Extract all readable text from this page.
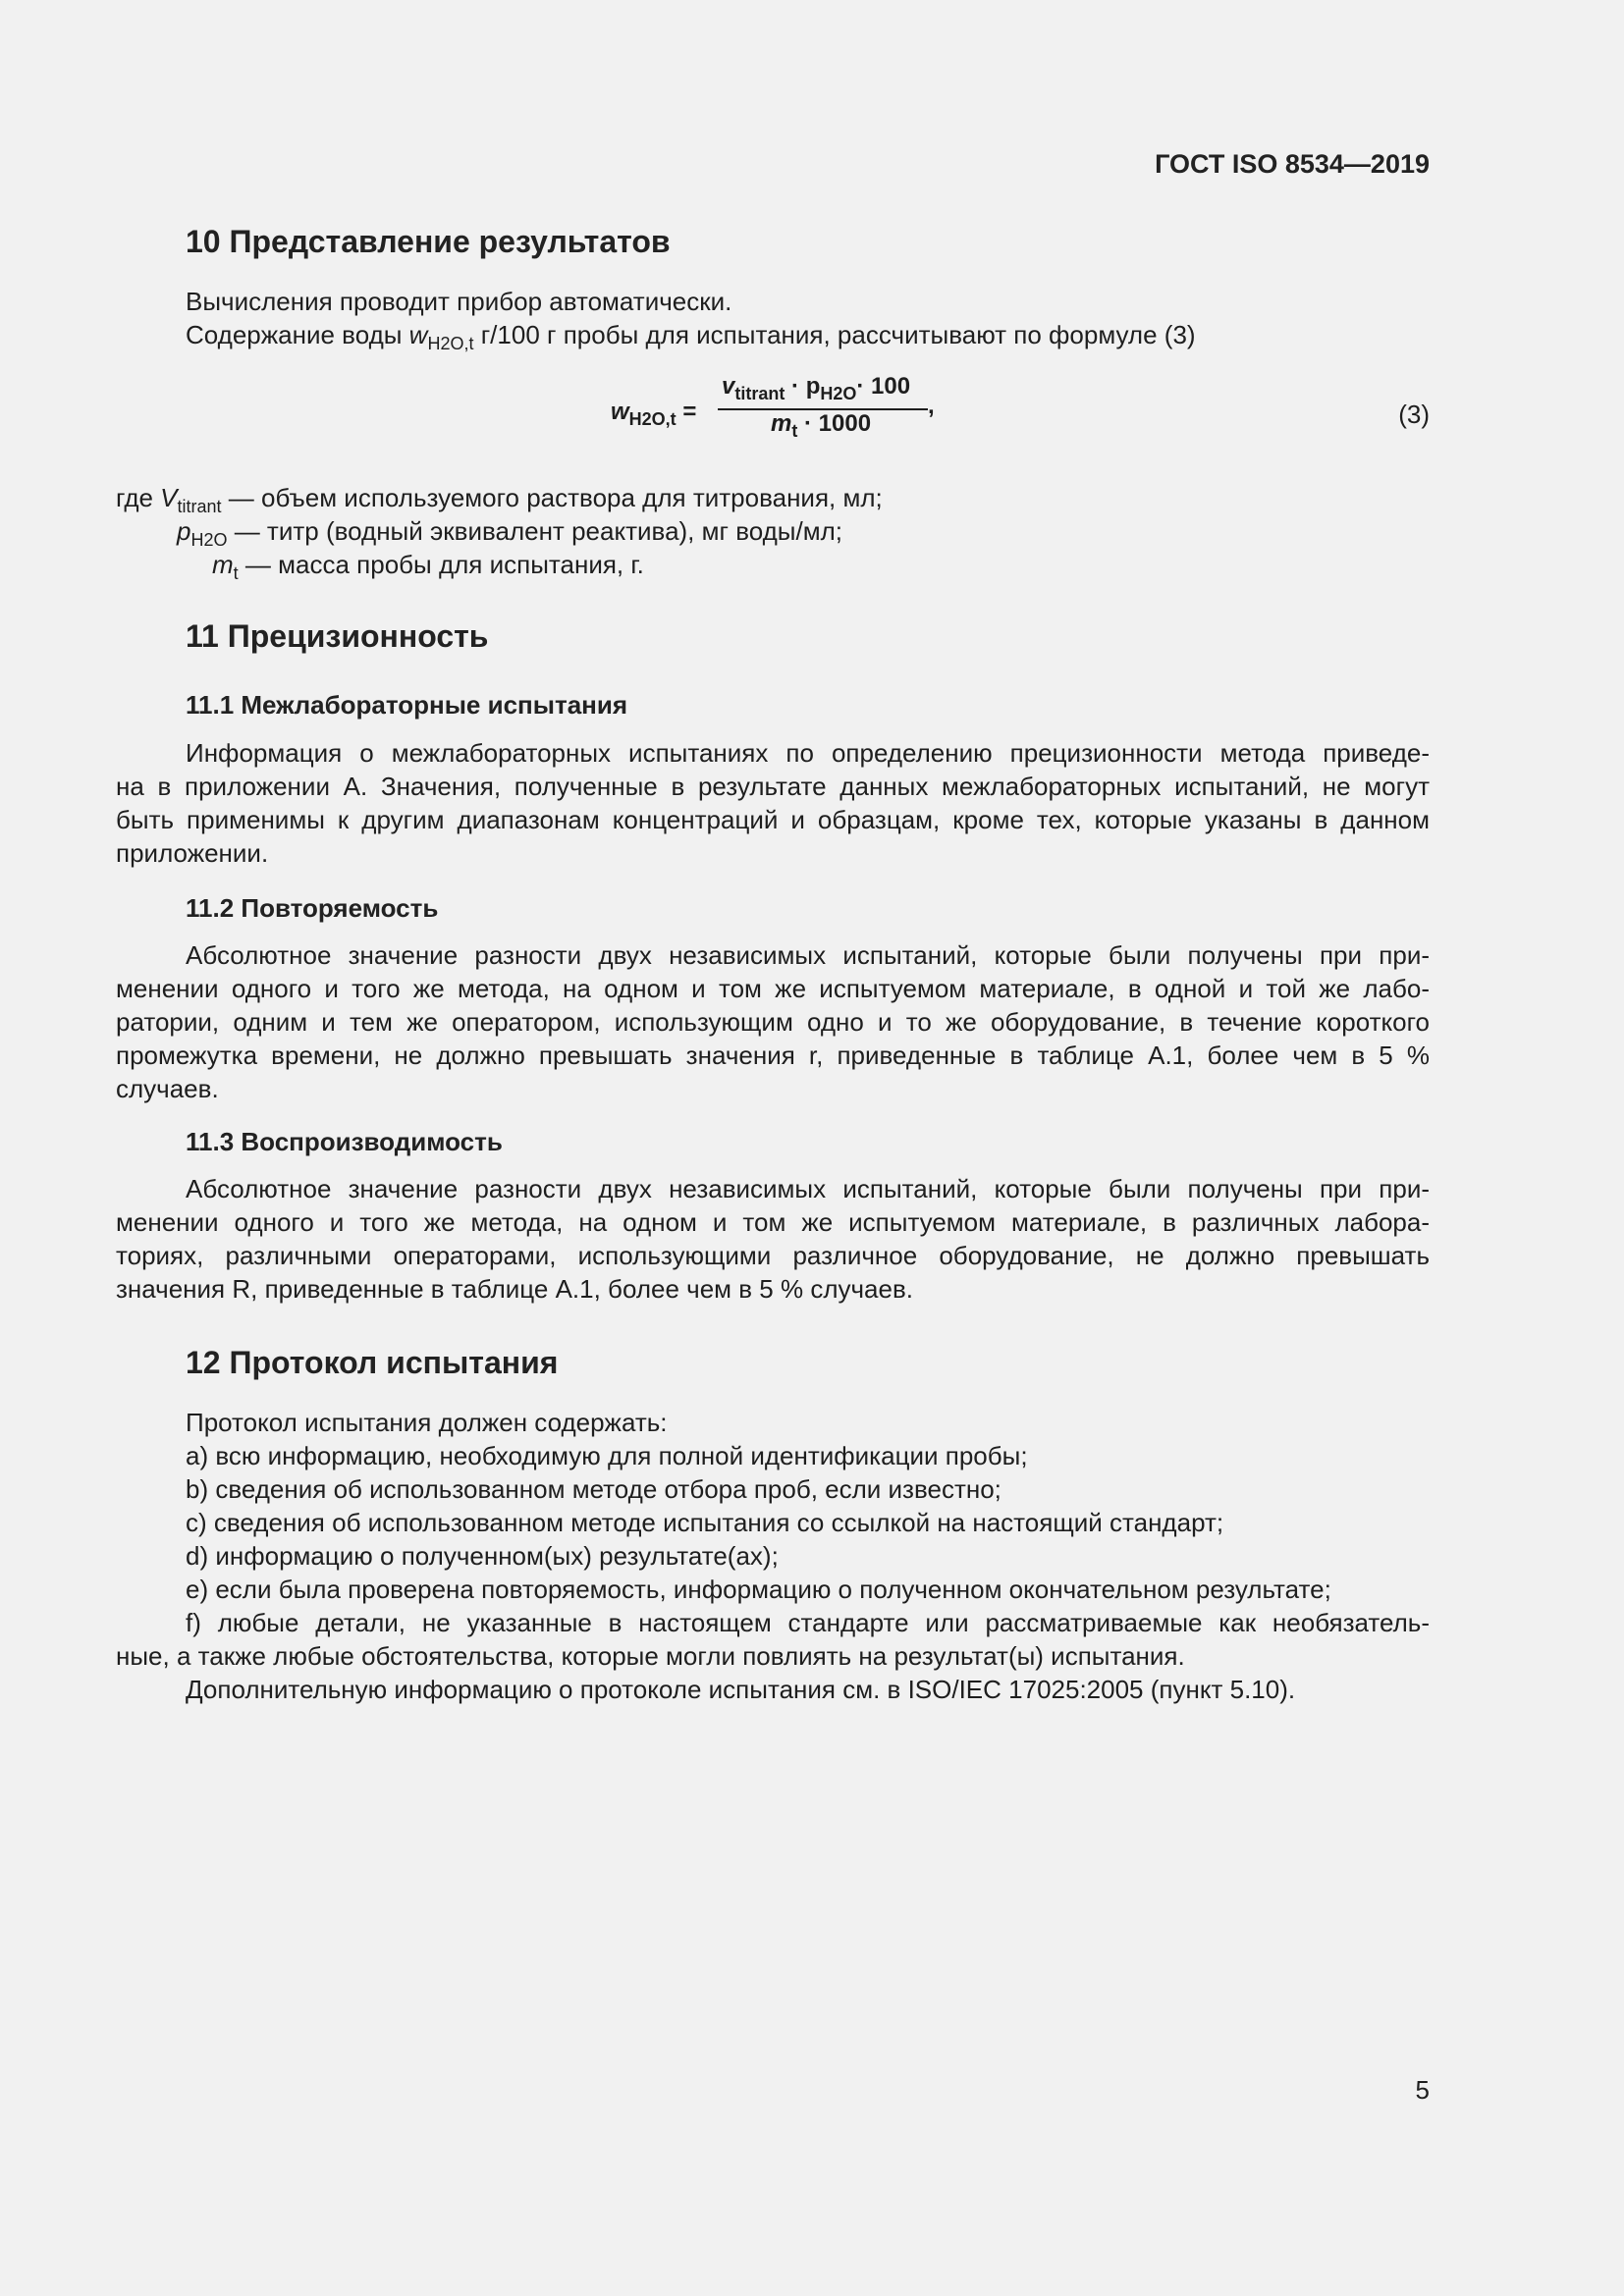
ГОСТ ISO 8534—2019
10 Представление результатов
Вычисления проводит прибор автоматически.
Содержание воды $w_{H2O,t}$ г/100 г пробы для испытания, рассчитывают по формуле (3)
$w_{H2O,t}$ =
$v_{titrant} \cdot p_{H2O}\cdot 100$
$m_t \cdot 1000$
,	(3)
где $V_{titrant}$ — объем используемого раствора для титрования, мл;
$p_{H2O}$ — титр (водный эквивалент реактива), мг воды/мл;
$m_t$ — масса пробы для испытания, г.
11 Прецизионность
11.1 Межлабораторные испытания
Информация о межлабораторных испытаниях по определению прецизионности метода приведе-
на в приложении А. Значения, полученные в результате данных межлабораторных испытаний, не могут
быть применимы к другим диапазонам концентраций и образцам, кроме тех, которые указаны в данном
приложении.
11.2 Повторяемость
Абсолютное значение разности двух независимых испытаний, которые были получены при при-
менении одного и того же метода, на одном и том же испытуемом материале, в одной и той же лабо-
ратории, одним и тем же оператором, использующим одно и то же оборудование, в течение короткого
промежутка времени, не должно превышать значения r, приведенные в таблице А.1, более чем в 5 %
случаев.
11.3 Воспроизводимость
Абсолютное значение разности двух независимых испытаний, которые были получены при при-
менении одного и того же метода, на одном и том же испытуемом материале, в различных лабора-
ториях, различными операторами, использующими различное оборудование, не должно превышать
значения R, приведенные в таблице А.1, более чем в 5 % случаев.
12 Протокол испытания
Протокол испытания должен содержать:
a) всю информацию, необходимую для полной идентификации пробы;
b) сведения об использованном методе отбора проб, если известно;
c) сведения об использованном методе испытания со ссылкой на настоящий стандарт;
d) информацию о полученном(ых) результате(ах);
e) если была проверена повторяемость, информацию о полученном окончательном результате;
f) любые детали, не указанные в настоящем стандарте или рассматриваемые как необязатель-
ные, а также любые обстоятельства, которые могли повлиять на результат(ы) испытания.
Дополнительную информацию о протоколе испытания см. в ISO/IEC 17025:2005 (пункт 5.10).
5
